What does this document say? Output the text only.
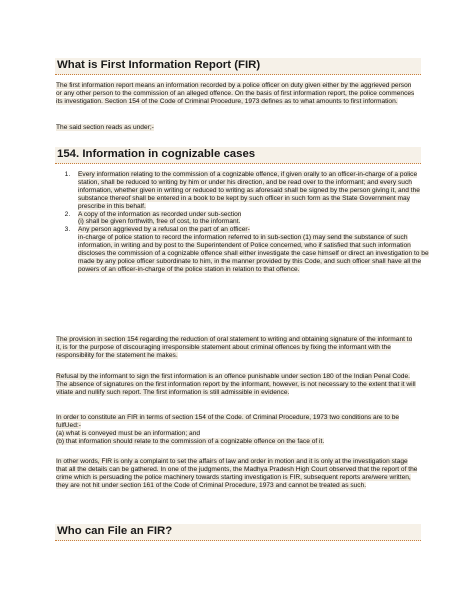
What is First Information Report (FIR)
The first information report means an information recorded by a police officer on duty given either by the aggrieved person or any other person to the commission of an alleged offence. On the basis of first information report, the police commences its investigation. Section 154 of the Code of Criminal Procedure, 1973 defines as to what amounts to first information.
The said section reads as under;-
154. Information in cognizable cases
1. Every information relating to the commission of a cognizable offence, if given orally to an officer-in-charge of a police station, shall be reduced to writing by him or under his direction, and be read over to the informant; and every such information, whether given in writing or reduced to writing as aforesaid shall be signed by the person giving it, and the substance thereof shall be entered in a book to be kept by such officer in such form as the State Government may prescribe in this behalf.
2. A copy of the information as recorded under sub-section
(i) shall be given forthwith, free of cost, to the informant.
3. Any person aggrieved by a refusal on the part of an officer-
in-charge of police station to record the information referred to in sub-section (1) may send the substance of such information, in writing and by post to the Superintendent of Police concerned, who if satisfied that such information discloses the commission of a cognizable offence shall either investigate the case himself or direct an investigation to be made by any police officer subordinate to him, in the manner provided by this Code, and such officer shall have all the powers of an officer-in-charge of the police station in relation to that offence.
The provision in section 154 regarding the reduction of oral statement to writing and obtaining signature of the informant to it, is for the purpose of discouraging irresponsible statement about criminal offences by fixing the informant with the responsibility for the statement he makes.
Refusal by the informant to sign the first information is an offence punishable under section 180 of the Indian Penal Code. The absence of signatures on the first information report by the informant, however, is not necessary to the extent that it will vitiate and nullify such report. The first information is still admissible in evidence.
In order to constitute an FIR in terms of section 154 of the Code. of Criminal Procedure, 1973 two conditions are to be fulfUed:-
(a) what is conveyed must be an information; and
(b) that information should relate to the commission of a cognizable offence on the face of it.
In other words, FIR is only a complaint to set the affairs of law and order in motion and it is only at the investigation stage that all the details can be gathered. In one of the judgments, the Madhya Pradesh High Court observed that the report of the crime which is persuading the police machinery towards starting investigation is FIR, subsequent reports are/were written, they are not hit under section 161 of the Code of Criminal Procedure, 1973 and cannot be treated as such.
Who can File an FIR?
